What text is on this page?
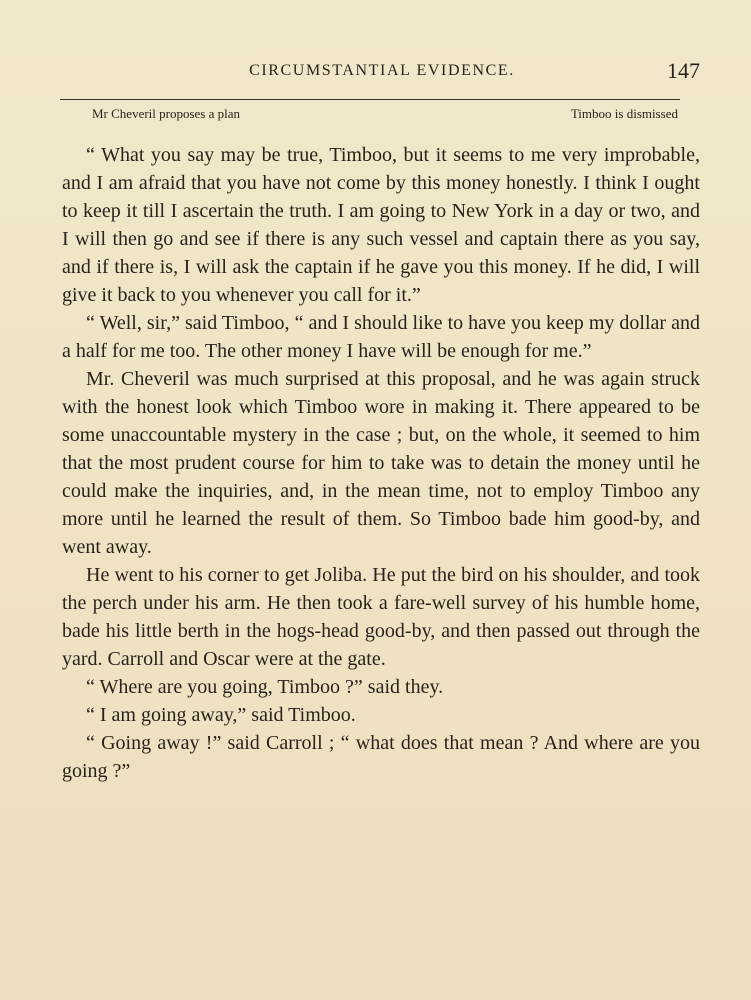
CIRCUMSTANTIAL EVIDENCE.	147
Mr Cheveril proposes a plan	Timboo is dismissed

“ What you say may be true, Timboo, but it seems to me very improbable, and I am afraid that you have not come by this money honestly. I think I ought to keep it till I ascertain the truth. I am going to New York in a day or two, and I will then go and see if there is any such vessel and captain there as you say, and if there is, I will ask the captain if he gave you this money. If he did, I will give it back to you whenever you call for it.”

“ Well, sir,” said Timboo, “ and I should like to have you keep my dollar and a half for me too. The other money I have will be enough for me.”

Mr. Cheveril was much surprised at this proposal, and he was again struck with the honest look which Timboo wore in making it. There appeared to be some unaccountable mystery in the case ; but, on the whole, it seemed to him that the most prudent course for him to take was to detain the money until he could make the inquiries, and, in the mean time, not to employ Timboo any more until he learned the result of them. So Timboo bade him good-by, and went away.

He went to his corner to get Joliba. He put the bird on his shoulder, and took the perch under his arm. He then took a fare-well survey of his humble home, bade his little berth in the hogs-head good-by, and then passed out through the yard. Carroll and Oscar were at the gate.

“ Where are you going, Timboo ?” said they.

“ I am going away,” said Timboo.

“ Going away !” said Carroll ; “ what does that mean ? And where are you going ?”
